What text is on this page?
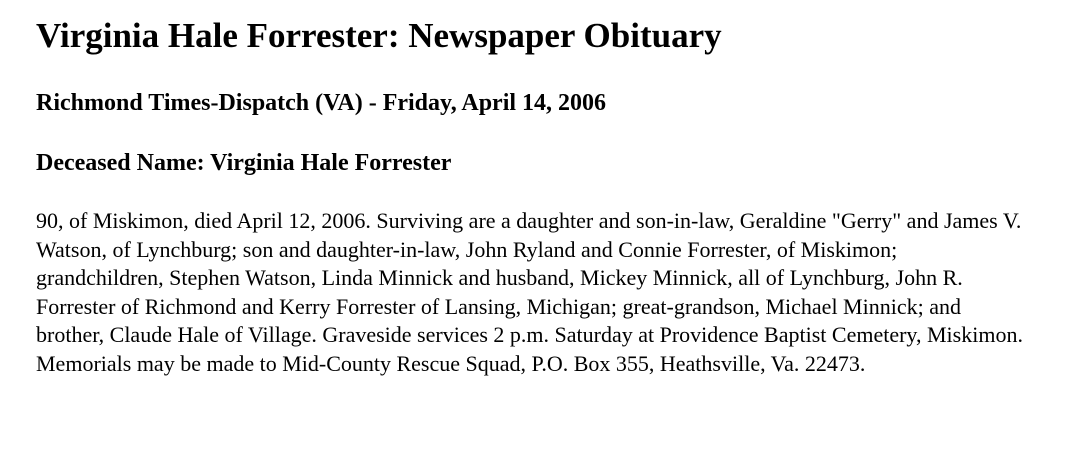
Virginia Hale Forrester: Newspaper Obituary
Richmond Times-Dispatch (VA) - Friday, April 14, 2006
Deceased Name: Virginia Hale Forrester

90, of Miskimon, died April 12, 2006. Surviving are a daughter and son-in-law, Geraldine "Gerry" and James V. Watson, of Lynchburg; son and daughter-in-law, John Ryland and Connie Forrester, of Miskimon; grandchildren, Stephen Watson, Linda Minnick and husband, Mickey Minnick, all of Lynchburg, John R. Forrester of Richmond and Kerry Forrester of Lansing, Michigan; great-grandson, Michael Minnick; and brother, Claude Hale of Village. Graveside services 2 p.m. Saturday at Providence Baptist Cemetery, Miskimon. Memorials may be made to Mid-County Rescue Squad, P.O. Box 355, Heathsville, Va. 22473.
